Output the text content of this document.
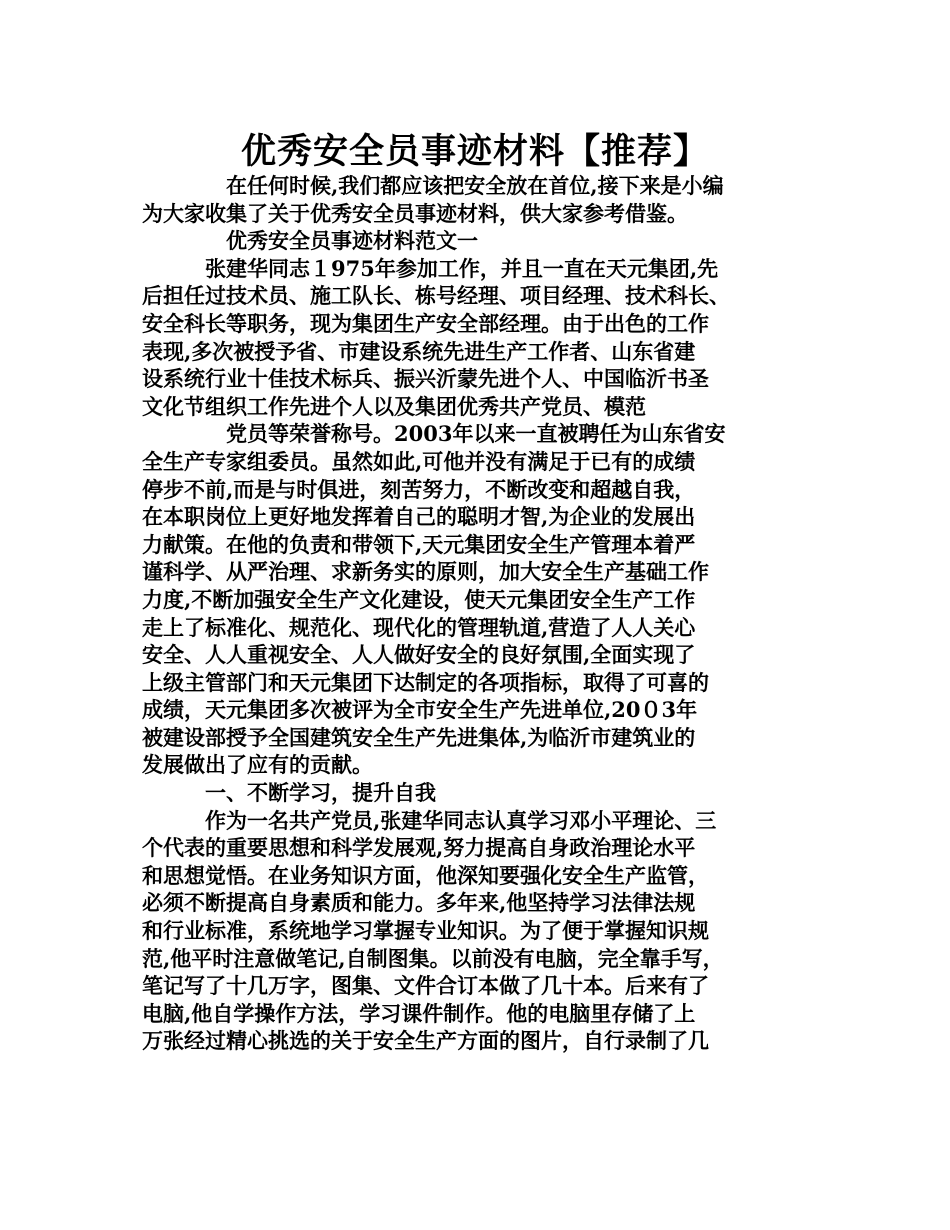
优秀安全员事迹材料【推荐】
在任何时候,我们都应该把安全放在首位,接下来是小编
为大家收集了关于优秀安全员事迹材料，供大家参考借鉴。
优秀安全员事迹材料范文一
张建华同志１975年参加工作，并且一直在天元集团,先
后担任过技术员、施工队长、栋号经理、项目经理、技术科长、
安全科长等职务，现为集团生产安全部经理。由于出色的工作
表现,多次被授予省、市建设系统先进生产工作者、山东省建
设系统行业十佳技术标兵、振兴沂蒙先进个人、中国临沂书圣
文化节组织工作先进个人以及集团优秀共产党员、模范
党员等荣誉称号。2003年以来一直被聘任为山东省安
全生产专家组委员。虽然如此,可他并没有满足于已有的成绩
停步不前,而是与时俱进，刻苦努力，不断改变和超越自我，
在本职岗位上更好地发挥着自己的聪明才智,为企业的发展出
力献策。在他的负责和带领下,天元集团安全生产管理本着严
谨科学、从严治理、求新务实的原则，加大安全生产基础工作
力度,不断加强安全生产文化建设，使天元集团安全生产工作
走上了标准化、规范化、现代化的管理轨道,营造了人人关心
安全、人人重视安全、人人做好安全的良好氛围,全面实现了
上级主管部门和天元集团下达制定的各项指标，取得了可喜的
成绩，天元集团多次被评为全市安全生产先进单位,20０3年
被建设部授予全国建筑安全生产先进集体,为临沂市建筑业的
发展做出了应有的贡献。
一、不断学习，提升自我
作为一名共产党员,张建华同志认真学习邓小平理论、三
个代表的重要思想和科学发展观,努力提高自身政治理论水平
和思想觉悟。在业务知识方面，他深知要强化安全生产监管，
必须不断提高自身素质和能力。多年来,他坚持学习法律法规
和行业标准，系统地学习掌握专业知识。为了便于掌握知识规
范,他平时注意做笔记,自制图集。以前没有电脑，完全靠手写，
笔记写了十几万字，图集、文件合订本做了几十本。后来有了
电脑,他自学操作方法，学习课件制作。他的电脑里存储了上
万张经过精心挑选的关于安全生产方面的图片，自行录制了几
